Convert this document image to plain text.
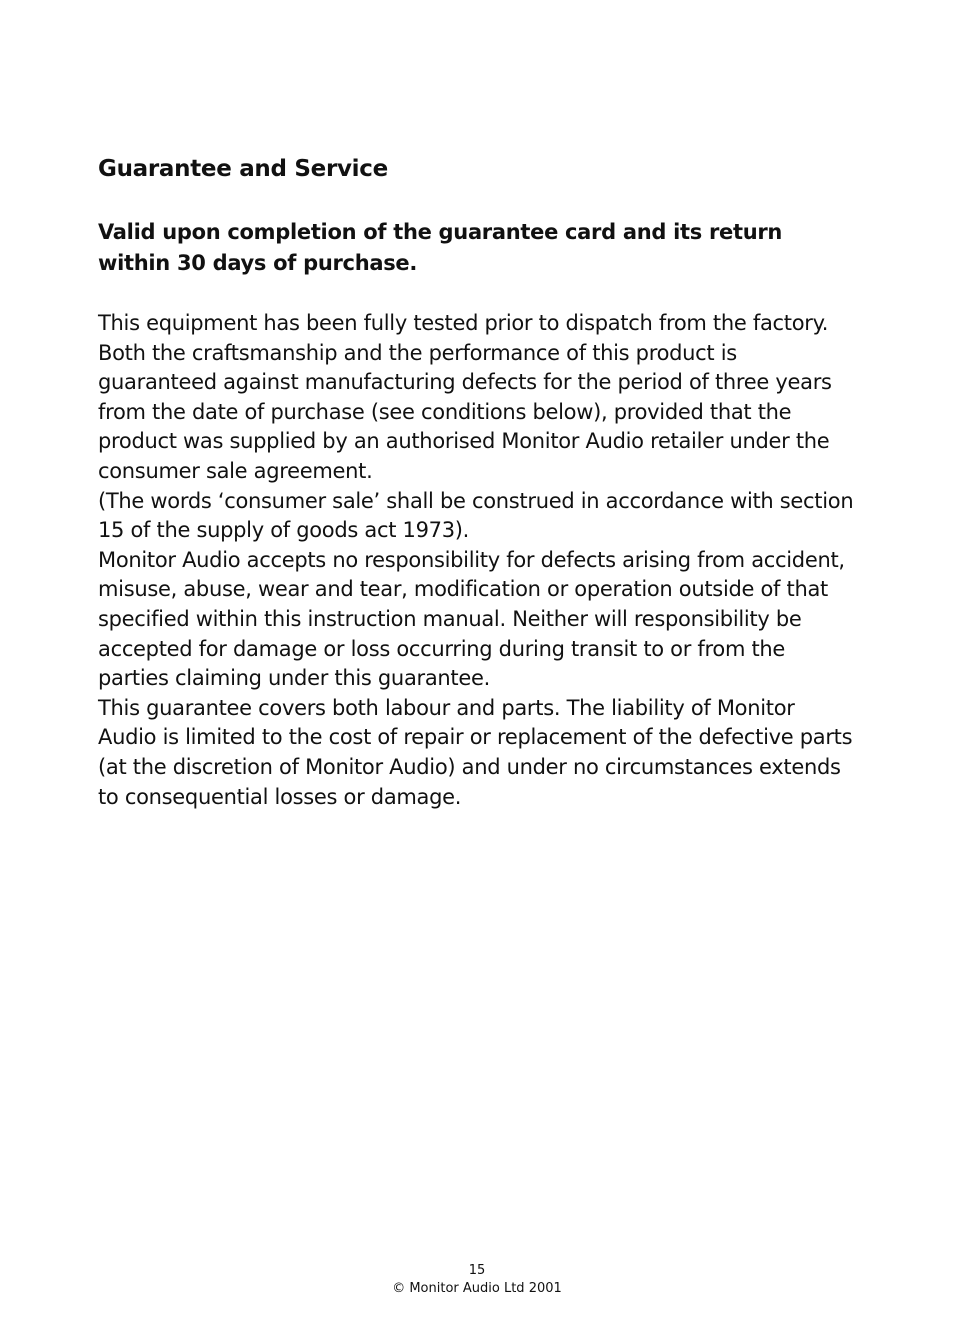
Guarantee and Service

Valid upon completion of the guarantee card and its return within 30 days of purchase.

This equipment has been fully tested prior to dispatch from the factory. Both the craftsmanship and the performance of this product is guaranteed against manufacturing defects for the period of three years from the date of purchase (see conditions below), provided that the product was supplied by an authorised Monitor Audio retailer under the consumer sale agreement.

(The words ‘consumer sale’ shall be construed in accordance with section 15 of the supply of goods act 1973).

Monitor Audio accepts no responsibility for defects arising from accident, misuse, abuse, wear and tear, modification or operation outside of that specified within this instruction manual. Neither will responsibility be accepted for damage or loss occurring during transit to or from the parties claiming under this guarantee.

This guarantee covers both labour and parts. The liability of Monitor Audio is limited to the cost of repair or replacement of the defective parts (at the discretion of Monitor Audio) and under no circumstances extends to consequential losses or damage.

15
© Monitor Audio Ltd 2001
